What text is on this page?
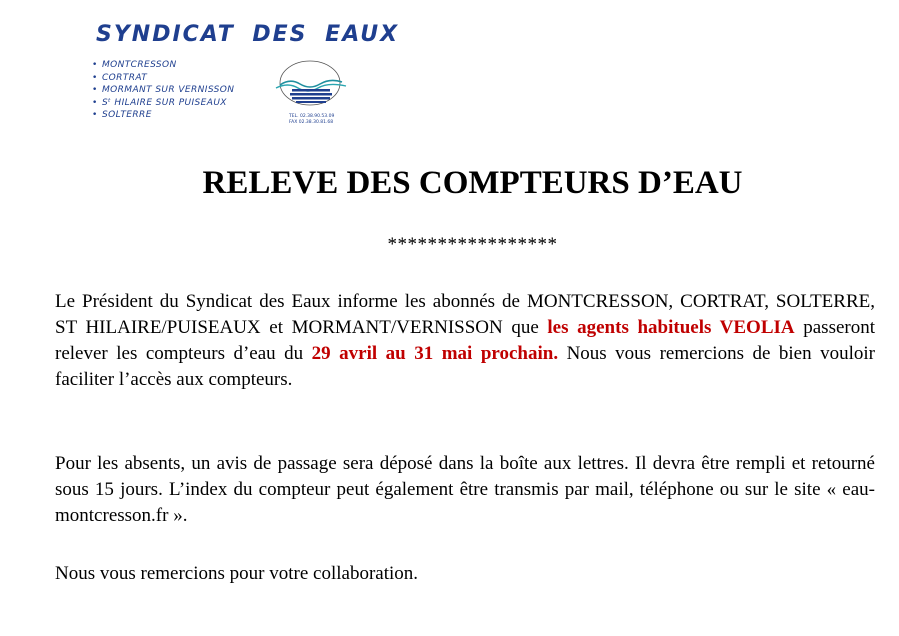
SYNDICAT DES EAUX
• MONTCRESSON
• CORTRAT
• MORMANT SUR VERNISSON
• Sᵗ HILAIRE SUR PUISEAUX
• SOLTERRE	TEL. 02.38.90.53.09
FAX 02.38.30.81.68
RELEVE DES COMPTEURS D’EAU
*****************

Le Président du Syndicat des Eaux informe les abonnés de MONTCRESSON, CORTRAT, SOLTERRE, ST HILAIRE/PUISEAUX et MORMANT/VERNISSON que les agents habituels VEOLIA passeront relever les compteurs d’eau du 29 avril au 31 mai prochain. Nous vous remercions de bien vouloir faciliter l’accès aux compteurs.

Pour les absents, un avis de passage sera déposé dans la boîte aux lettres. Il devra être rempli et retourné sous 15 jours. L’index du compteur peut également être transmis par mail, téléphone ou sur le site « eau-montcresson.fr ».

Nous vous remercions pour votre collaboration.
